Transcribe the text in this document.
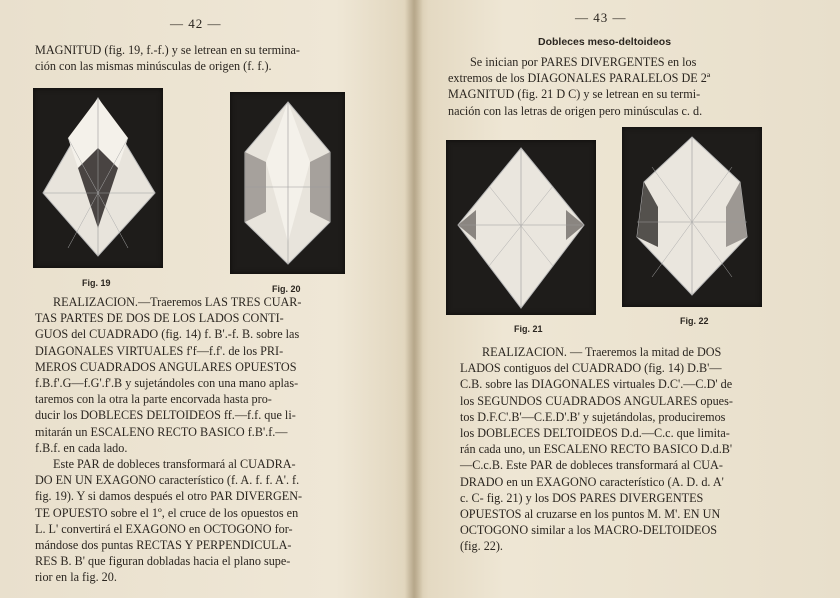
— 42 —

MAGNITUD (fig. 19, f.-f.) y se letrean en su termina-
ción con las mismas minúsculas de origen (f. f.).

Fig. 19
Fig. 20

REALIZACION.—Traeremos LAS TRES CUAR-
TAS PARTES DE DOS DE LOS LADOS CONTI-
GUOS del CUADRADO (fig. 14) f. B'.-f. B. sobre las
DIAGONALES VIRTUALES f'f—f.f'. de los PRI-
MEROS CUADRADOS ANGULARES OPUESTOS
f.B.f'.G—f.G'.f'.B y sujetándoles con una mano aplas-
taremos con la otra la parte encorvada hasta pro-
ducir los DOBLECES DELTOIDEOS ff.—f.f. que li-
mitarán un ESCALENO RECTO BASICO f.B'.f.—
f.B.f. en cada lado.
Este PAR de dobleces transformará al CUADRA-
DO EN UN EXAGONO característico (f. A. f. f. A'. f.
fig. 19). Y si damos después el otro PAR DIVERGEN-
TE OPUESTO sobre el 1º, el cruce de los opuestos en
L. L' convertirá el EXAGONO en OCTOGONO for-
mándose dos puntas RECTAS Y PERPENDICULA-
RES B. B' que figuran dobladas hacia el plano supe-
rior en la fig. 20.

— 43 —
Dobleces meso-deltoideos

Se inician por PARES DIVERGENTES en los
extremos de los DIAGONALES PARALELOS DE 2ª
MAGNITUD (fig. 21 D C) y se letrean en su termi-
nación con las letras de origen pero minúsculas c. d.

Fig. 21
Fig. 22

REALIZACION. — Traeremos la mitad de DOS
LADOS contiguos del CUADRADO (fig. 14) D.B'—
C.B. sobre las DIAGONALES virtuales D.C'.—C.D' de
los SEGUNDOS CUADRADOS ANGULARES opues-
tos D.F.C'.B'—C.E.D'.B' y sujetándolas, produciremos
los DOBLECES DELTOIDEOS D.d.—C.c. que limita-
rán cada uno, un ESCALENO RECTO BASICO D.d.B'
—C.c.B. Este PAR de dobleces transformará al CUA-
DRADO en un EXAGONO característico (A. D. d. A'
c. C- fig. 21) y los DOS PARES DIVERGENTES
OPUESTOS al cruzarse en los puntos M. M'. EN UN
OCTOGONO similar a los MACRO-DELTOIDEOS
(fig. 22).
